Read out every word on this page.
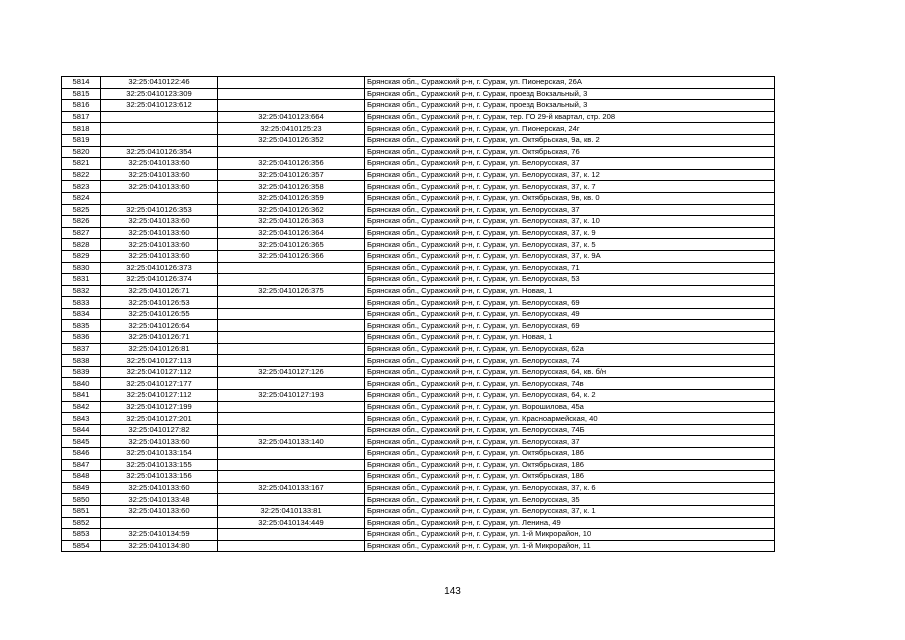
5814	32:25:0410122:46		Брянская обл., Суражский р-н, г. Сураж, ул. Пионерская, 26А
5815	32:25:0410123:309		Брянская обл., Суражский р-н, г. Сураж, проезд Вокзальный, 3
5816	32:25:0410123:612		Брянская обл., Суражский р-н, г. Сураж, проезд Вокзальный, 3
5817		32:25:0410123:664	Брянская обл., Суражский р-н, г. Сураж, тер. ГО 29-й квартал, стр. 208
5818		32:25:0410125:23	Брянская обл., Суражский р-н, г. Сураж, ул. Пионерская, 24г
5819		32:25:0410126:352	Брянская обл., Суражский р-н, г. Сураж, ул. Октябрьская, 9а, кв. 2
5820	32:25:0410126:354		Брянская обл., Суражский р-н, г. Сураж, ул. Октябрьская, 76
5821	32:25:0410133:60	32:25:0410126:356	Брянская обл., Суражский р-н, г. Сураж, ул. Белорусская, 37
5822	32:25:0410133:60	32:25:0410126:357	Брянская обл., Суражский р-н, г. Сураж, ул. Белорусская, 37, к. 12
5823	32:25:0410133:60	32:25:0410126:358	Брянская обл., Суражский р-н, г. Сураж, ул. Белорусская, 37, к. 7
5824		32:25:0410126:359	Брянская обл., Суражский р-н, г. Сураж, ул. Октябрьская, 9в, кв. 0
5825	32:25:0410126:353	32:25:0410126:362	Брянская обл., Суражский р-н, г. Сураж, ул. Белорусская, 37
5826	32:25:0410133:60	32:25:0410126:363	Брянская обл., Суражский р-н, г. Сураж, ул. Белорусская, 37, к. 10
5827	32:25:0410133:60	32:25:0410126:364	Брянская обл., Суражский р-н, г. Сураж, ул. Белорусская, 37, к. 9
5828	32:25:0410133:60	32:25:0410126:365	Брянская обл., Суражский р-н, г. Сураж, ул. Белорусская, 37, к. 5
5829	32:25:0410133:60	32:25:0410126:366	Брянская обл., Суражский р-н, г. Сураж, ул. Белорусская, 37, к. 9А
5830	32:25:0410126:373		Брянская обл., Суражский р-н, г. Сураж, ул. Белорусская, 71
5831	32:25:0410126:374		Брянская обл., Суражский р-н, г. Сураж, ул. Белорусская, 53
5832	32:25:0410126:71	32:25:0410126:375	Брянская обл., Суражский р-н, г. Сураж, ул. Новая, 1
5833	32:25:0410126:53		Брянская обл., Суражский р-н, г. Сураж, ул. Белорусская, 69
5834	32:25:0410126:55		Брянская обл., Суражский р-н, г. Сураж, ул. Белорусская, 49
5835	32:25:0410126:64		Брянская обл., Суражский р-н, г. Сураж, ул. Белорусская, 69
5836	32:25:0410126:71		Брянская обл., Суражский р-н, г. Сураж, ул. Новая, 1
5837	32:25:0410126:81		Брянская обл., Суражский р-н, г. Сураж, ул. Белорусская, 62а
5838	32:25:0410127:113		Брянская обл., Суражский р-н, г. Сураж, ул. Белорусская, 74
5839	32:25:0410127:112	32:25:0410127:126	Брянская обл., Суражский р-н, г. Сураж, ул. Белорусская, 64, кв. б/н
5840	32:25:0410127:177		Брянская обл., Суражский р-н, г. Сураж, ул. Белорусская, 74в
5841	32:25:0410127:112	32:25:0410127:193	Брянская обл., Суражский р-н, г. Сураж, ул. Белорусская, 64, к. 2
5842	32:25:0410127:199		Брянская обл., Суражский р-н, г. Сураж, ул. Ворошилова, 45а
5843	32:25:0410127:201		Брянская обл., Суражский р-н, г. Сураж, ул. Красноармейская, 40
5844	32:25:0410127:82		Брянская обл., Суражский р-н, г. Сураж, ул. Белорусская, 74Б
5845	32:25:0410133:60	32:25:0410133:140	Брянская обл., Суражский р-н, г. Сураж, ул. Белорусская, 37
5846	32:25:0410133:154		Брянская обл., Суражский р-н, г. Сураж, ул. Октябрьская, 186
5847	32:25:0410133:155		Брянская обл., Суражский р-н, г. Сураж, ул. Октябрьская, 186
5848	32:25:0410133:156		Брянская обл., Суражский р-н, г. Сураж, ул. Октябрьская, 186
5849	32:25:0410133:60	32:25:0410133:167	Брянская обл., Суражский р-н, г. Сураж, ул. Белорусская, 37, к. 6
5850	32:25:0410133:48		Брянская обл., Суражский р-н, г. Сураж, ул. Белорусская, 35
5851	32:25:0410133:60	32:25:0410133:81	Брянская обл., Суражский р-н, г. Сураж, ул. Белорусская, 37, к. 1
5852		32:25:0410134:449	Брянская обл., Суражский р-н, г. Сураж, ул. Ленина, 49
5853	32:25:0410134:59		Брянская обл., Суражский р-н, г. Сураж, ул. 1-й Микрорайон, 10
5854	32:25:0410134:80		Брянская обл., Суражский р-н, г. Сураж, ул. 1-й Микрорайон, 11
143
